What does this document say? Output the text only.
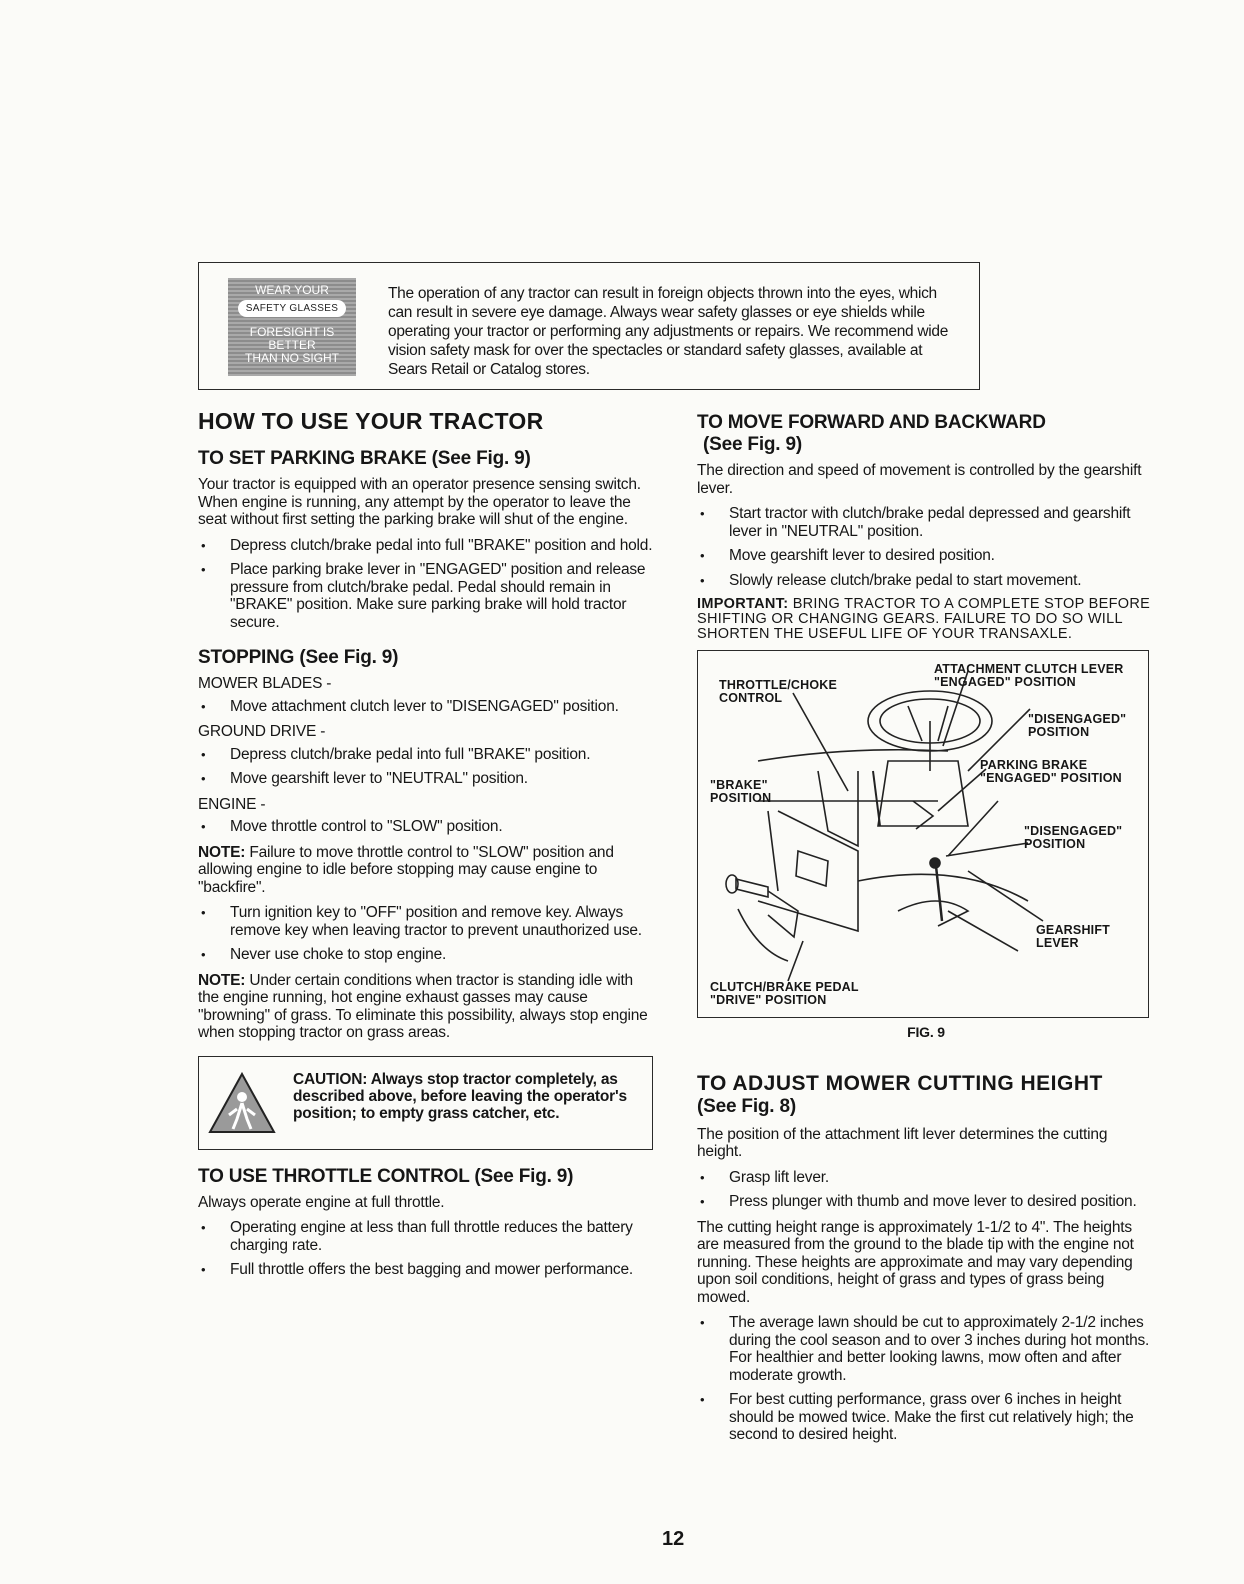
WEAR YOUR
SAFETY GLASSES
FORESIGHT IS BETTER
THAN NO SIGHT

The operation of any tractor can result in foreign objects thrown into the eyes, which can result in severe eye damage. Always wear safety glasses or eye shields while operating your tractor or performing any adjustments or repairs. We recommend wide vision safety mask for over the spectacles or standard safety glasses, available at Sears Retail or Catalog stores.

HOW TO USE YOUR TRACTOR
TO SET PARKING BRAKE (See Fig. 9)

Your tractor is equipped with an operator presence sensing switch. When engine is running, any attempt by the operator to leave the seat without first setting the parking brake will shut of the engine.

• Depress clutch/brake pedal into full "BRAKE" position and hold.
• Place parking brake lever in "ENGAGED" position and release pressure from clutch/brake pedal. Pedal should remain in "BRAKE" position. Make sure parking brake will hold tractor secure.
STOPPING (See Fig. 9)

MOWER BLADES -

• Move attachment clutch lever to "DISENGAGED" position.

GROUND DRIVE -

• Depress clutch/brake pedal into full "BRAKE" position.
• Move gearshift lever to "NEUTRAL" position.

ENGINE -

• Move throttle control to "SLOW" position.

NOTE: Failure to move throttle control to "SLOW" position and allowing engine to idle before stopping may cause engine to "backfire".

• Turn ignition key to "OFF" position and remove key. Always remove key when leaving tractor to prevent unauthorized use.
• Never use choke to stop engine.

NOTE: Under certain conditions when tractor is standing idle with the engine running, hot engine exhaust gasses may cause "browning" of grass. To eliminate this possibility, always stop engine when stopping tractor on grass areas.

CAUTION: Always stop tractor completely, as described above, before leaving the operator's position; to empty grass catcher, etc.

TO USE THROTTLE CONTROL (See Fig. 9)

Always operate engine at full throttle.

• Operating engine at less than full throttle reduces the battery charging rate.
• Full throttle offers the best bagging and mower performance.
TO MOVE FORWARD AND BACKWARD
(See Fig. 9)

The direction and speed of movement is controlled by the gearshift lever.

• Start tractor with clutch/brake pedal depressed and gearshift lever in "NEUTRAL" position.
• Move gearshift lever to desired position.
• Slowly release clutch/brake pedal to start movement.

IMPORTANT: BRING TRACTOR TO A COMPLETE STOP BEFORE SHIFTING OR CHANGING GEARS. FAILURE TO DO SO WILL SHORTEN THE USEFUL LIFE OF YOUR TRANSAXLE.

ATTACHMENT CLUTCH LEVER
"ENGAGED" POSITION
THROTTLE/CHOKE
CONTROL
"DISENGAGED"
POSITION
"BRAKE"
POSITION
PARKING BRAKE
"ENGAGED" POSITION
"DISENGAGED"
POSITION
GEARSHIFT
LEVER
CLUTCH/BRAKE PEDAL
"DRIVE" POSITION

FIG. 9

TO ADJUST MOWER CUTTING HEIGHT
(See Fig. 8)

The position of the attachment lift lever determines the cutting height.

• Grasp lift lever.
• Press plunger with thumb and move lever to desired position.

The cutting height range is approximately 1-1/2 to 4". The heights are measured from the ground to the blade tip with the engine not running. These heights are approximate and may vary depending upon soil conditions, height of grass and types of grass being mowed.

• The average lawn should be cut to approximately 2-1/2 inches during the cool season and to over 3 inches during hot months. For healthier and better looking lawns, mow often and after moderate growth.
• For best cutting performance, grass over 6 inches in height should be mowed twice. Make the first cut relatively high; the second to desired height.
12
